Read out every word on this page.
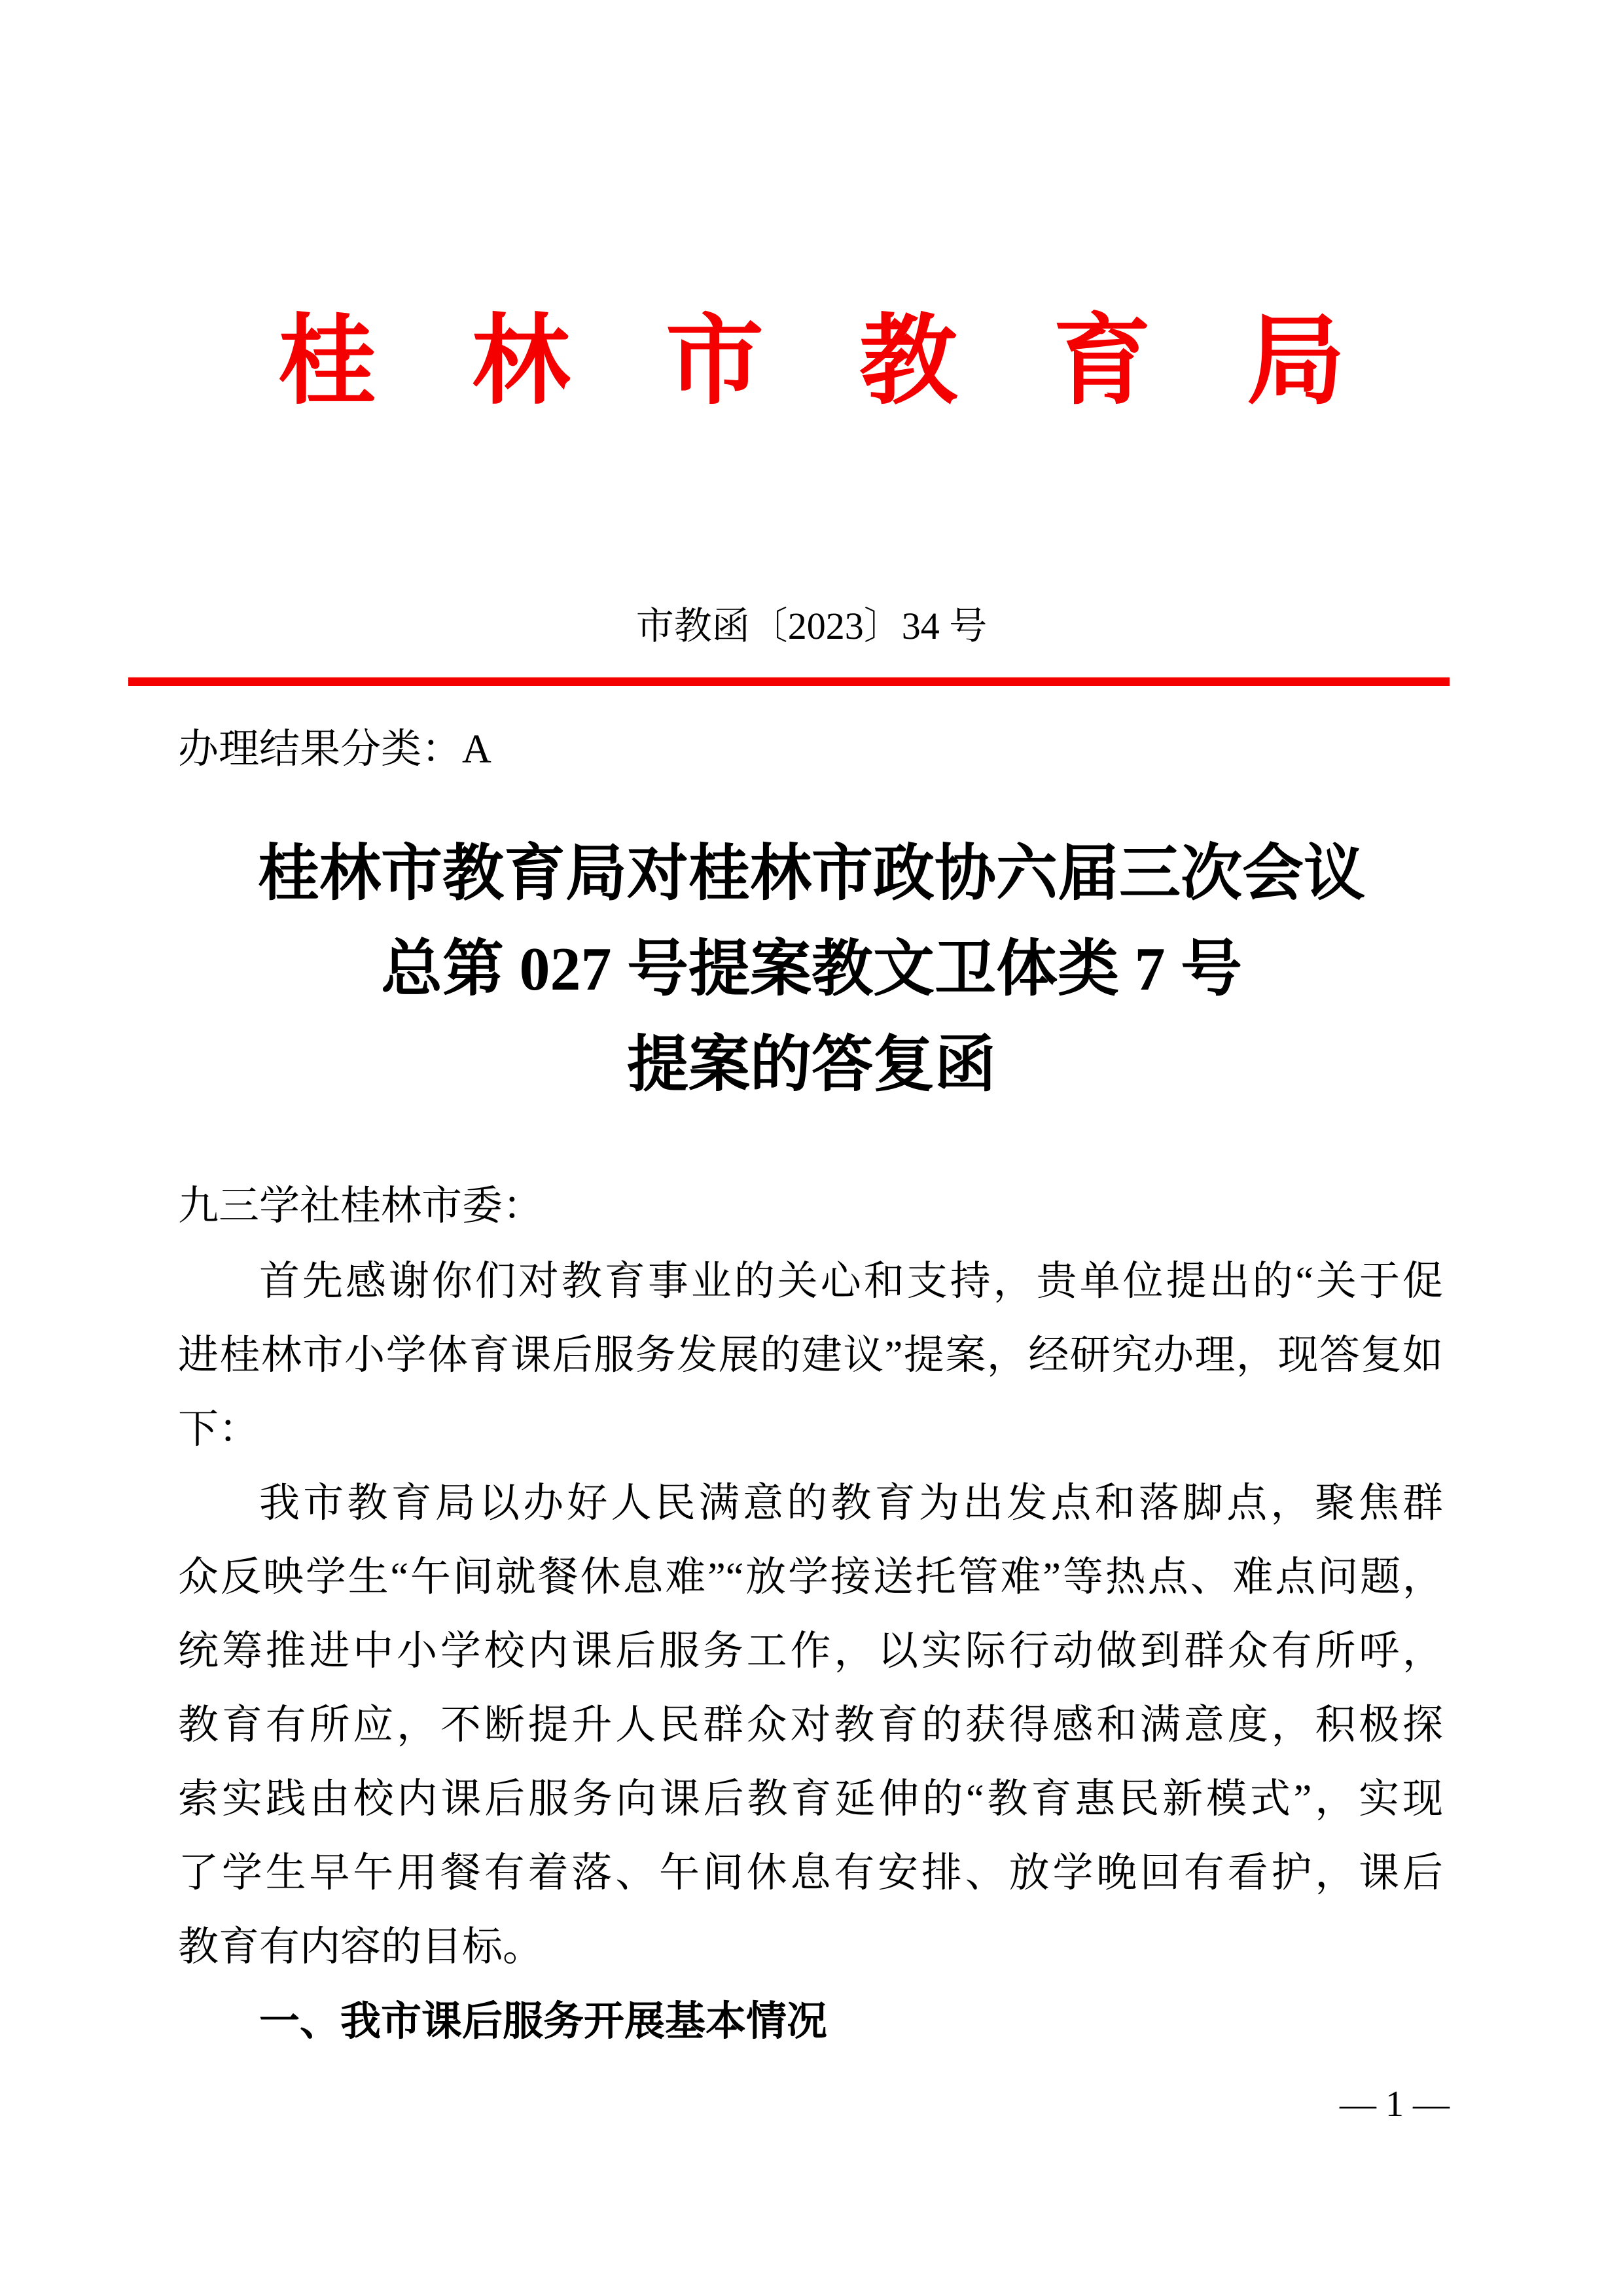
桂林市教育局
市教函〔2023〕34 号
办理结果分类：A
桂林市教育局对桂林市政协六届三次会议
总第 027 号提案教文卫体类 7 号
提案的答复函
九三学社桂林市委：
首先感谢你们对教育事业的关心和支持，贵单位提出的“关于促
进桂林市小学体育课后服务发展的建议”提案，经研究办理，现答复如
下：
我市教育局以办好人民满意的教育为出发点和落脚点，聚焦群
众反映学生“午间就餐休息难”“放学接送托管难”等热点、难点问题，
统筹推进中小学校内课后服务工作，以实际行动做到群众有所呼，
教育有所应，不断提升人民群众对教育的获得感和满意度，积极探
索实践由校内课后服务向课后教育延伸的“教育惠民新模式”，实现
了学生早午用餐有着落、午间休息有安排、放学晚回有看护，课后
教育有内容的目标。
一、我市课后服务开展基本情况
— 1 —
